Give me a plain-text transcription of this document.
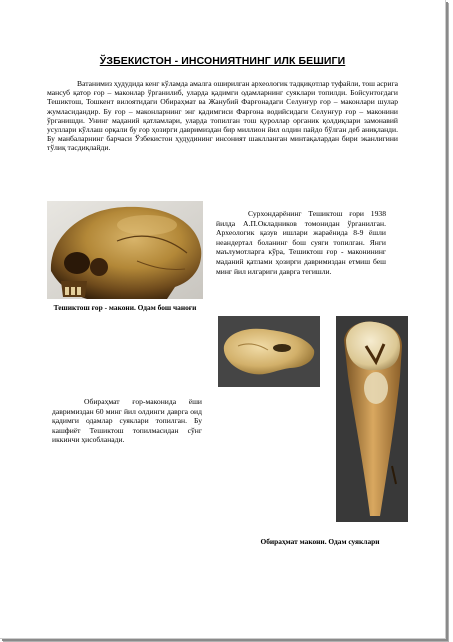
ЎЗБЕКИСТОН - ИНСОНИЯТНИНГ ИЛК БЕШИГИ

Ватанимиз ҳудудида кенг кўламда амалга оширилган археологик тадқиқотлар туфайли, тош асрига мансуб қатор ғор – маконлар ўрганилиб, уларда қадимги одамларнинг суяклари топилди. Бойсунтоғдаги Тешиктош, Тошкент вилоятидаги Обираҳмат ва Жанубий Фарғонадаги Селунғур ғор – маконлари шулар жумласидандир. Бу ғор – маконларнинг энг қадимгиси Фарғона водийсидаги Селунғур ғор – маконини ўрганишди. Унинг маданий қатламлари, уларда топилган тош қуроллар органик қолдиқлари замонавий усуллари кўллаш орқали бу ғор ҳозирги давримиздан бир миллион йил олдин пайдо бўлган деб аниқланди. Бу манбаларнинг барчаси Ўзбекистон ҳудудининг инсоният шаклланган минтақалардан бири эканлигини тўлиқ тасдиқлайди.

Тешиктош ғор - макони. Одам бош чаноғи

Сурхондарёнинг Тешиктош ғори 1938 йилда А.П.Окладников томонидан ўрганилган. Археологик қазув ишлари жараёнида 8-9 ёшли неандертал боланинг бош суяги топилган. Янги маълумотларга кўра, Тешиктош ғор - маконининг маданий қатлами ҳозирги давримиздан етмиш беш минг йил илгариги даврга тегишли.

Обираҳмат ғор-маконида ёши давримиздан 60 минг йил олдинги даврга оид қадимги одамлар суяклари топилган. Бу кашфиёт Тешиктош топилмасидан сўнг иккинчи ҳисобланади.

Обираҳмат макони. Одам суяклари
